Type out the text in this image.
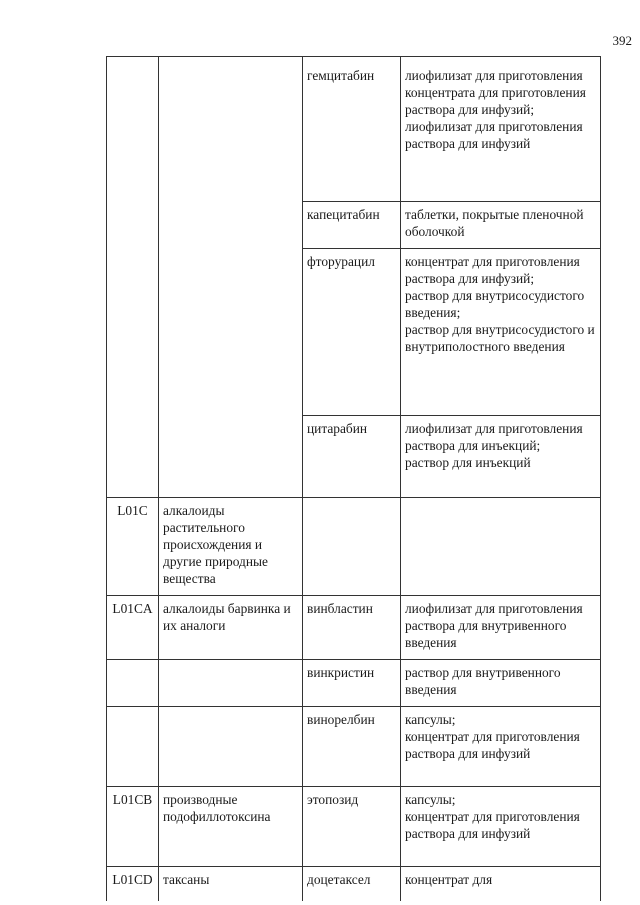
392
		гемцитабин	лиофилизат для приготовления концентрата для приготовления раствора для инфузий;
лиофилизат для приготовления раствора для инфузий
		капецитабин	таблетки, покрытые пленочной оболочкой
		фторурацил	концентрат для приготовления раствора для инфузий;
раствор для внутрисосудистого введения;
раствор для внутрисосудистого и внутриполостного введения
		цитарабин	лиофилизат для приготовления раствора для инъекций;
раствор для инъекций
L01C	алкалоиды растительного происхождения и другие природные вещества		
L01CA	алкалоиды барвинка и их аналоги	винбластин	лиофилизат для приготовления раствора для внутривенного введения
		винкристин	раствор для внутривенного введения
		винорелбин	капсулы;
концентрат для приготовления раствора для инфузий
L01CB	производные подофиллотоксина	этопозид	капсулы;
концентрат для приготовления раствора для инфузий
L01CD	таксаны	доцетаксел	концентрат для
